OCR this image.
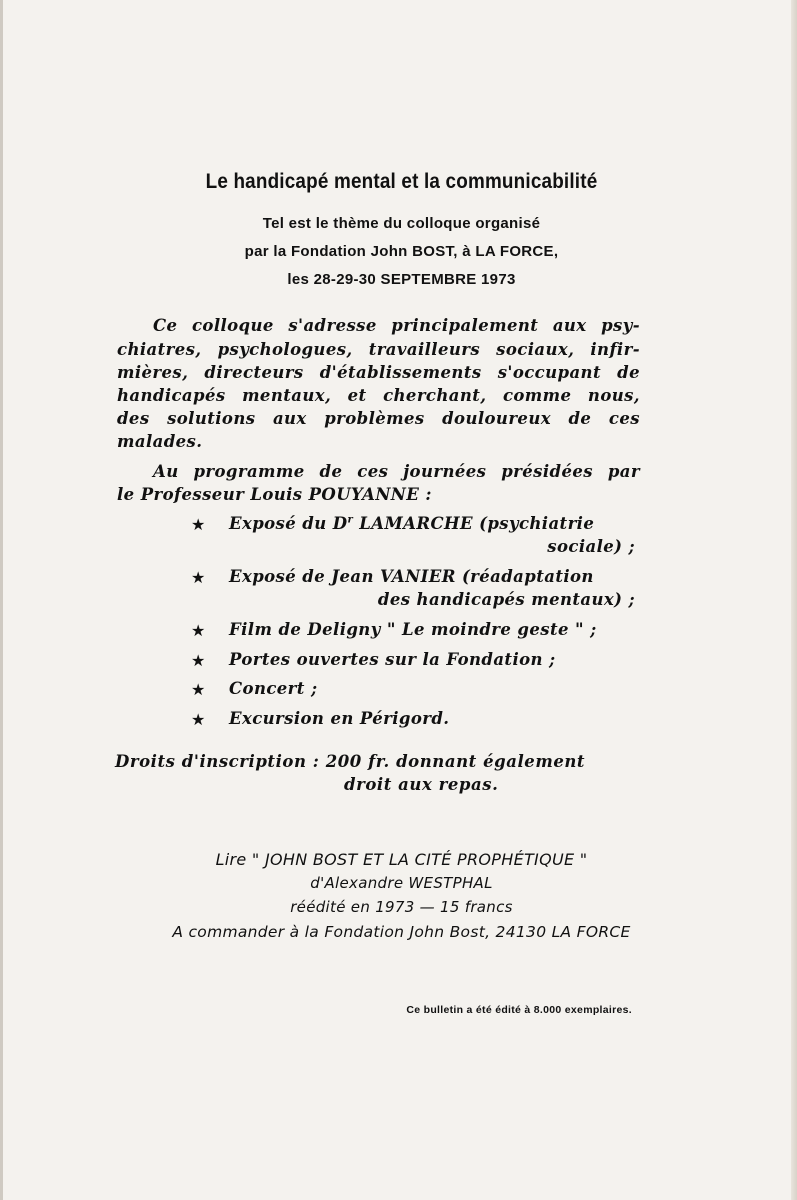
Le handicapé mental et la communicabilité
Tel est le thème du colloque organisé
par la Fondation John BOST, à LA FORCE,
les 28-29-30 SEPTEMBRE 1973
Ce colloque s'adresse principalement aux psy-
chiatres, psychologues, travailleurs sociaux, infir-
mières, directeurs d'établissements s'occupant de
handicapés mentaux, et cherchant, comme nous,
des solutions aux problèmes douloureux de ces
malades.
Au programme de ces journées présidées par
le Professeur Louis POUYANNE :
★ Exposé du $D^r$ LAMARCHE (psychiatrie
sociale) ;
★ Exposé de Jean VANIER (réadaptation
des handicapés mentaux) ;
★ Film de Deligny " Le moindre geste " ;
★ Portes ouvertes sur la Fondation ;
★ Concert ;
★ Excursion en Périgord.
Droits d'inscription : 200 fr. donnant également
droit aux repas.
Lire " JOHN BOST ET LA CITÉ PROPHÉTIQUE "
d'Alexandre WESTPHAL
réédité en 1973 — 15 francs
A commander à la Fondation John Bost, 24130 LA FORCE
Ce bulletin a été édité à 8.000 exemplaires.
